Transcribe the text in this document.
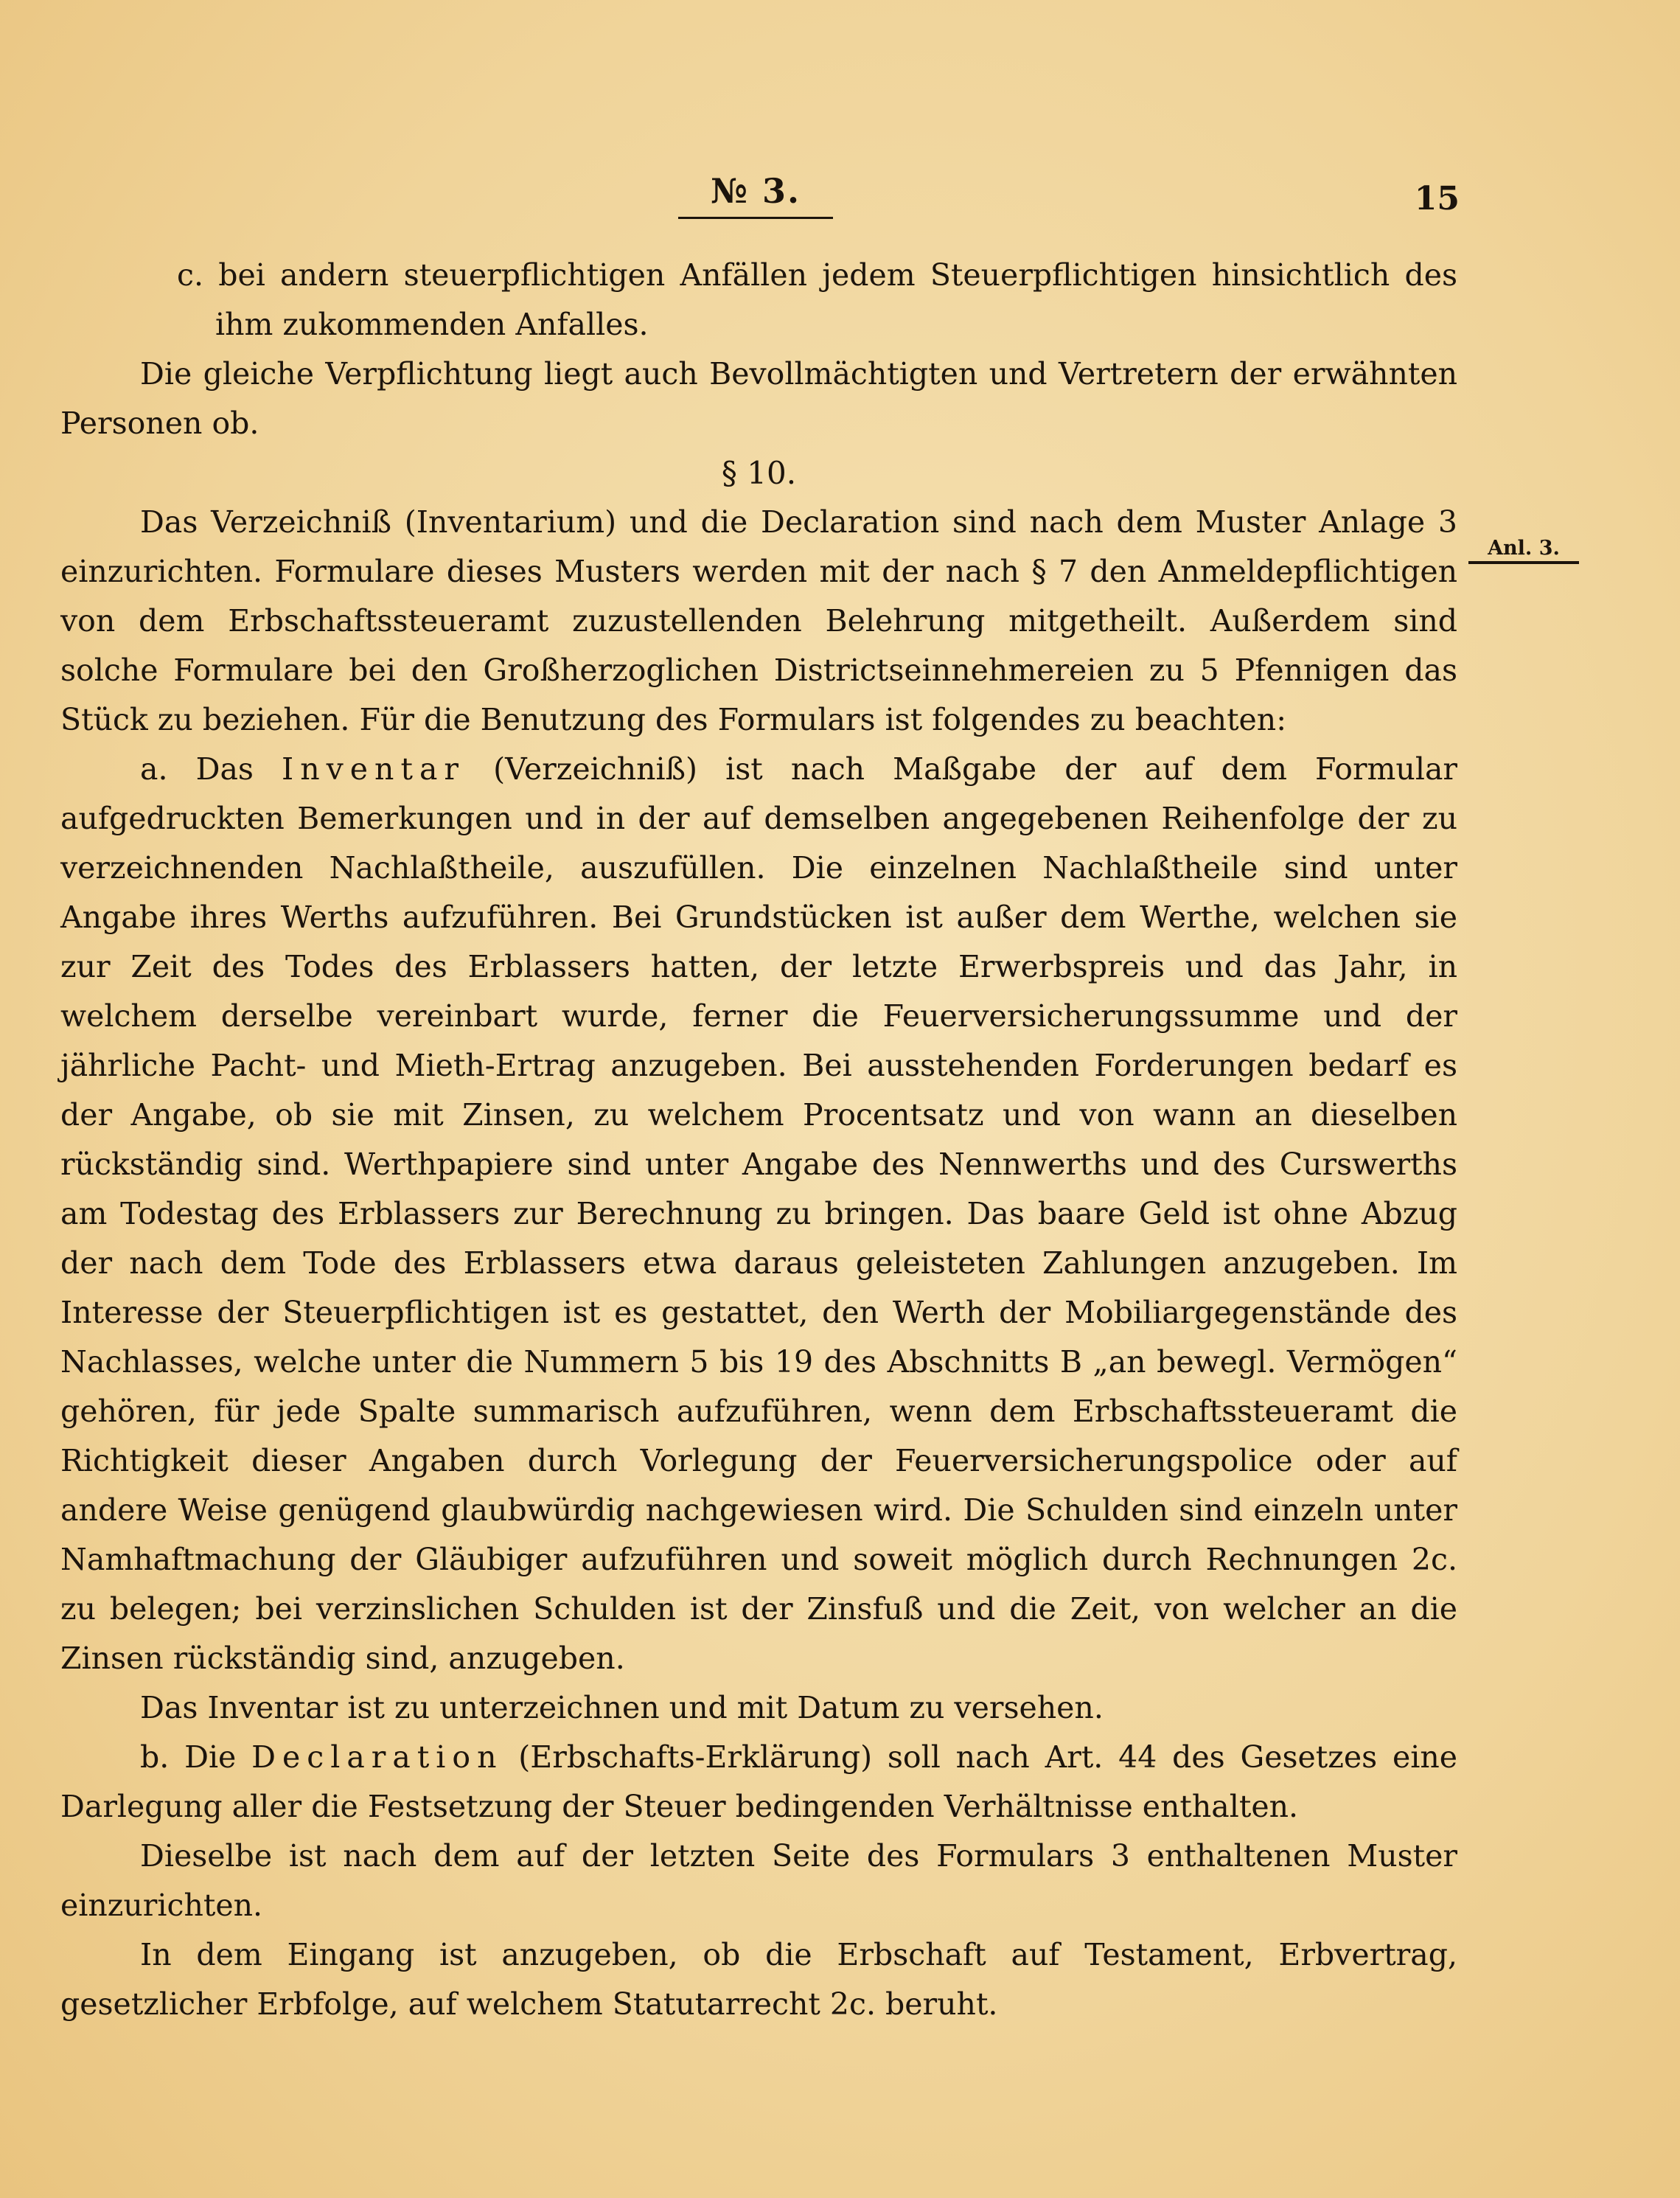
№ 3.	15
Anl. 3.

c. bei andern steuerpflichtigen Anfällen jedem Steuerpflichtigen hinsichtlich des ihm zukommenden Anfalles.

Die gleiche Verpflichtung liegt auch Bevollmächtigten und Vertretern der erwähnten Personen ob.

§ 10.

Das Verzeichniß (Inventarium) und die Declaration sind nach dem Muster Anlage 3 einzurichten. Formulare dieses Musters werden mit der nach § 7 den Anmeldepflichtigen von dem Erbschaftssteueramt zuzustellenden Belehrung mitgetheilt. Außerdem sind solche Formulare bei den Großherzoglichen Districtseinnehmereien zu 5 Pfennigen das Stück zu beziehen. Für die Benutzung des Formulars ist folgendes zu beachten:

a. Das Inventar (Verzeichniß) ist nach Maßgabe der auf dem Formular aufgedruckten Bemerkungen und in der auf demselben angegebenen Reihenfolge der zu verzeichnenden Nachlaßtheile, auszufüllen. Die einzelnen Nachlaßtheile sind unter Angabe ihres Werths aufzuführen. Bei Grundstücken ist außer dem Werthe, welchen sie zur Zeit des Todes des Erblassers hatten, der letzte Erwerbspreis und das Jahr, in welchem derselbe vereinbart wurde, ferner die Feuerversicherungssumme und der jährliche Pacht- und Mieth-Ertrag anzugeben. Bei ausstehenden Forderungen bedarf es der Angabe, ob sie mit Zinsen, zu welchem Procentsatz und von wann an dieselben rückständig sind. Werthpapiere sind unter Angabe des Nennwerths und des Curswerths am Todestag des Erblassers zur Berechnung zu bringen. Das baare Geld ist ohne Abzug der nach dem Tode des Erblassers etwa daraus geleisteten Zahlungen anzugeben. Im Interesse der Steuerpflichtigen ist es gestattet, den Werth der Mobiliargegenstände des Nachlasses, welche unter die Nummern 5 bis 19 des Abschnitts B „an bewegl. Vermögen“ gehören, für jede Spalte summarisch aufzuführen, wenn dem Erbschaftssteueramt die Richtigkeit dieser Angaben durch Vorlegung der Feuerversicherungspolice oder auf andere Weise genügend glaubwürdig nachgewiesen wird. Die Schulden sind einzeln unter Namhaftmachung der Gläubiger aufzuführen und soweit möglich durch Rechnungen 2c. zu belegen; bei verzinslichen Schulden ist der Zinsfuß und die Zeit, von welcher an die Zinsen rückständig sind, anzugeben.

Das Inventar ist zu unterzeichnen und mit Datum zu versehen.

b. Die Declaration (Erbschafts-Erklärung) soll nach Art. 44 des Gesetzes eine Darlegung aller die Festsetzung der Steuer bedingenden Verhältnisse enthalten.

Dieselbe ist nach dem auf der letzten Seite des Formulars 3 enthaltenen Muster einzurichten.

In dem Eingang ist anzugeben, ob die Erbschaft auf Testament, Erbvertrag, gesetzlicher Erbfolge, auf welchem Statutarrecht 2c. beruht.
